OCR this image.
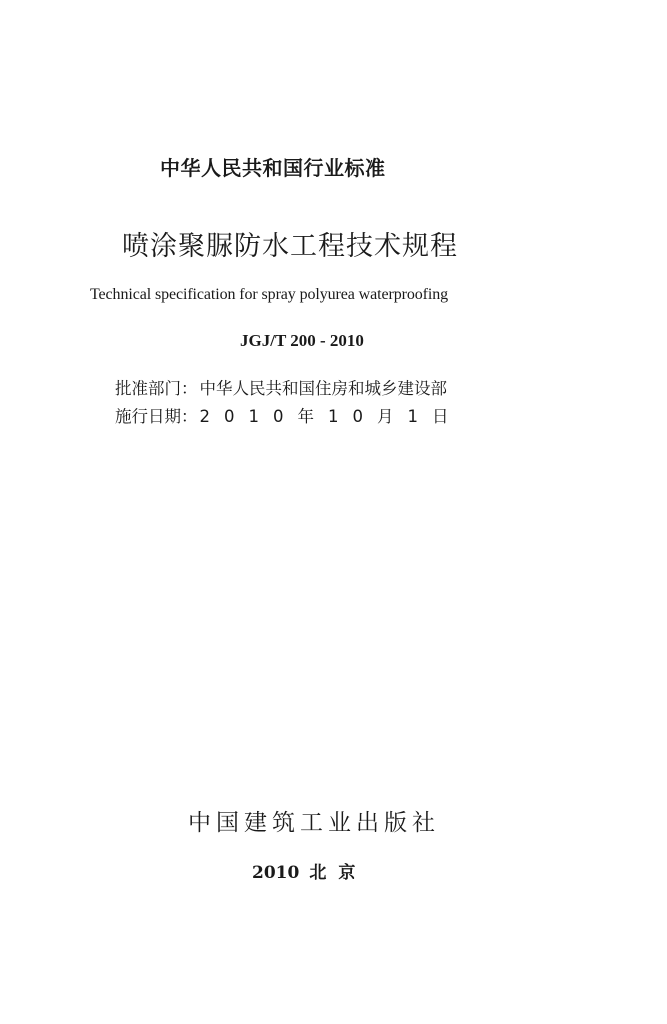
中华人民共和国行业标准
喷涂聚脲防水工程技术规程
Technical specification for spray polyurea waterproofing
JGJ/T 200 - 2010
批准部门： 中华人民共和国住房和城乡建设部
施行日期： 2010年10月1日
中国建筑工业出版社
2010 北京
